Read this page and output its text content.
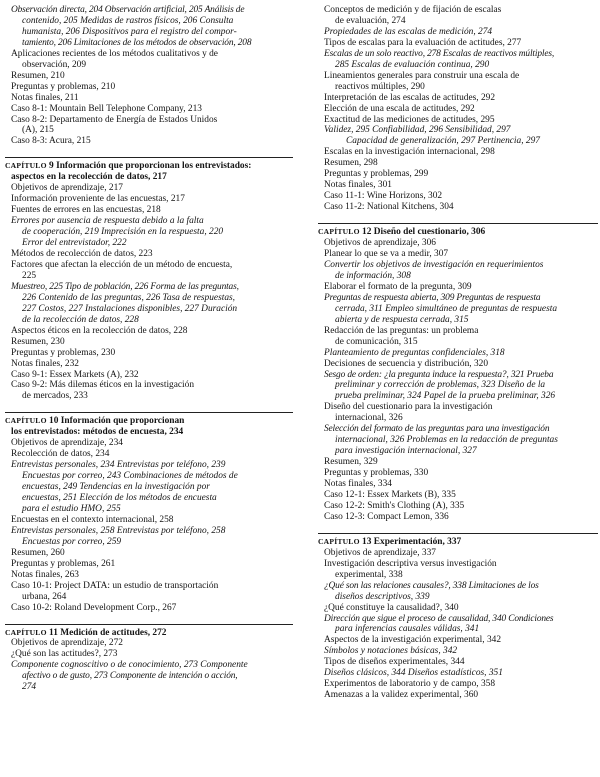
Observación directa, 204 Observación artificial, 205 Análisis de
contenido, 205 Medidas de rastros físicos, 206 Consulta
humanista, 206 Dispositivos para el registro del compor-
tamiento, 206 Limitaciones de los métodos de observación, 208
Aplicaciones recientes de los métodos cualitativos y de
observación, 209
Resumen, 210
Preguntas y problemas, 210
Notas finales, 211
Caso 8-1: Mountain Bell Telephone Company, 213
Caso 8-2: Departamento de Energía de Estados Unidos
(A), 215
Caso 8-3: Acura, 215
CAPÍTULO 9 Información que proporcionan los entrevistados:
aspectos en la recolección de datos, 217
Objetivos de aprendizaje, 217
Información proveniente de las encuestas, 217
Fuentes de errores en las encuestas, 218
Errores por ausencia de respuesta debido a la falta
de cooperación, 219 Imprecisión en la respuesta, 220
Error del entrevistador, 222
Métodos de recolección de datos, 223
Factores que afectan la elección de un método de encuesta,
225
Muestreo, 225 Tipo de población, 226 Forma de las preguntas,
226 Contenido de las preguntas, 226 Tasa de respuestas,
227 Costos, 227 Instalaciones disponibles, 227 Duración
de la recolección de datos, 228
Aspectos éticos en la recolección de datos, 228
Resumen, 230
Preguntas y problemas, 230
Notas finales, 232
Caso 9-1: Essex Markets (A), 232
Caso 9-2: Más dilemas éticos en la investigación
de mercados, 233
CAPÍTULO 10 Información que proporcionan
los entrevistados: métodos de encuesta, 234
Objetivos de aprendizaje, 234
Recolección de datos, 234
Entrevistas personales, 234 Entrevistas por teléfono, 239
Encuestas por correo, 243 Combinaciones de métodos de
encuestas, 249 Tendencias en la investigación por
encuestas, 251 Elección de los métodos de encuesta
para el estudio HMO, 255
Encuestas en el contexto internacional, 258
Entrevistas personales, 258 Entrevistas por teléfono, 258
Encuestas por correo, 259
Resumen, 260
Preguntas y problemas, 261
Notas finales, 263
Caso 10-1: Project DATA: un estudio de transportación
urbana, 264
Caso 10-2: Roland Development Corp., 267
CAPÍTULO 11 Medición de actitudes, 272
Objetivos de aprendizaje, 272
¿Qué son las actitudes?, 273
Componente cognoscitivo o de conocimiento, 273 Componente
afectivo o de gusto, 273 Componente de intención o acción,
274
Conceptos de medición y de fijación de escalas
de evaluación, 274
Propiedades de las escalas de medición, 274
Tipos de escalas para la evaluación de actitudes, 277
Escalas de un solo reactivo, 278 Escalas de reactivos múltiples,
285 Escalas de evaluación continua, 290
Lineamientos generales para construir una escala de
reactivos múltiples, 290
Interpretación de las escalas de actitudes, 292
Elección de una escala de actitudes, 292
Exactitud de las mediciones de actitudes, 295
Validez, 295 Confiabilidad, 296 Sensibilidad, 297
Capacidad de generalización, 297 Pertinencia, 297
Escalas en la investigación internacional, 298
Resumen, 298
Preguntas y problemas, 299
Notas finales, 301
Caso 11-1: Wine Horizons, 302
Caso 11-2: National Kitchens, 304
CAPÍTULO 12 Diseño del cuestionario, 306
Objetivos de aprendizaje, 306
Planear lo que se va a medir, 307
Convertir los objetivos de investigación en requerimientos
de información, 308
Elaborar el formato de la pregunta, 309
Preguntas de respuesta abierta, 309 Preguntas de respuesta
cerrada, 311 Empleo simultáneo de preguntas de respuesta
abierta y de respuesta cerrada, 315
Redacción de las preguntas: un problema
de comunicación, 315
Planteamiento de preguntas confidenciales, 318
Decisiones de secuencia y distribución, 320
Sesgo de orden: ¿la pregunta induce la respuesta?, 321 Prueba
preliminar y corrección de problemas, 323 Diseño de la
prueba preliminar, 324 Papel de la prueba preliminar, 326
Diseño del cuestionario para la investigación
internacional, 326
Selección del formato de las preguntas para una investigación
internacional, 326 Problemas en la redacción de preguntas
para investigación internacional, 327
Resumen, 329
Preguntas y problemas, 330
Notas finales, 334
Caso 12-1: Essex Markets (B), 335
Caso 12-2: Smith's Clothing (A), 335
Caso 12-3: Compact Lemon, 336
CAPÍTULO 13 Experimentación, 337
Objetivos de aprendizaje, 337
Investigación descriptiva versus investigación
experimental, 338
¿Qué son las relaciones causales?, 338 Limitaciones de los
diseños descriptivos, 339
¿Qué constituye la causalidad?, 340
Dirección que sigue el proceso de causalidad, 340 Condiciones
para inferencias causales válidas, 341
Aspectos de la investigación experimental, 342
Símbolos y notaciones básicas, 342
Tipos de diseños experimentales, 344
Diseños clásicos, 344 Diseños estadísticos, 351
Experimentos de laboratorio y de campo, 358
Amenazas a la validez experimental, 360
